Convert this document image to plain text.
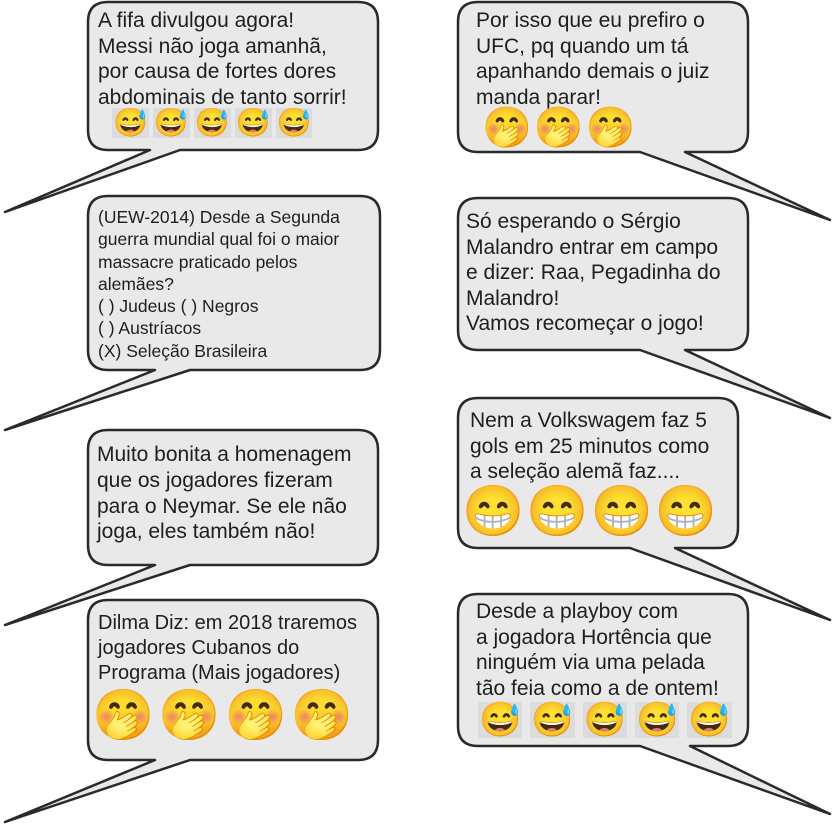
A fifa divulgou agora!
Messi não joga amanhã,
por causa de fortes dores
abdominais de tanto sorrir!
😅 😅 😅 😅 😅
Por isso que eu prefiro o
UFC, pq quando um tá
apanhando demais o juiz
manda parar!
🤭 🤭 🤭
(UEW-2014) Desde a Segunda
guerra mundial qual foi o maior
massacre praticado pelos
alemães?
( ) Judeus ( ) Negros
( ) Austríacos
(X) Seleção Brasileira
Só esperando o Sérgio
Malandro entrar em campo
e dizer: Raa, Pegadinha do
Malandro!
Vamos recomeçar o jogo!
Muito bonita a homenagem
que os jogadores fizeram
para o Neymar. Se ele não
joga, eles também não!
Nem a Volkswagem faz 5
gols em 25 minutos como
a seleção alemã faz....
😁 😁 😁 😁
Dilma Diz: em 2018 traremos
jogadores Cubanos do
Programa (Mais jogadores)
🤭 🤭 🤭 🤭
Desde a playboy com
a jogadora Hortência que
ninguém via uma pelada
tão feia como a de ontem!
😅 😅 😅 😅 😅
